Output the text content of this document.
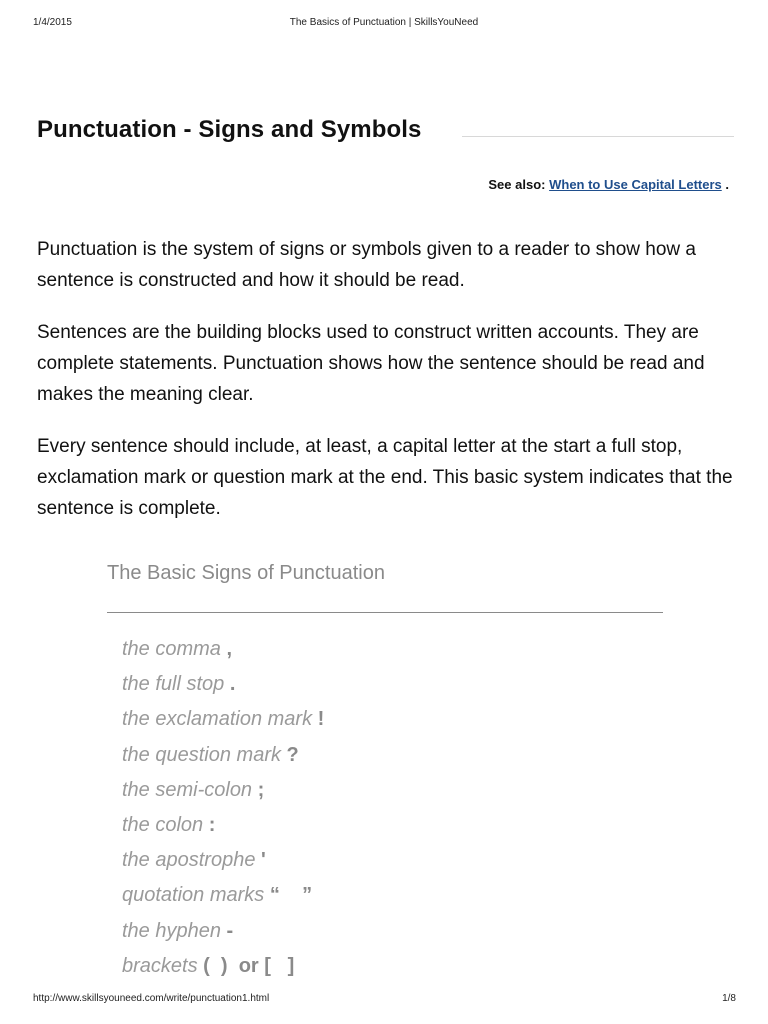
1/4/2015	The Basics of Punctuation | SkillsYouNeed
Punctuation - Signs and Symbols
See also: When to Use Capital Letters .

Punctuation is the system of signs or symbols given to a reader to show how a sentence is constructed and how it should be read.

Sentences are the building blocks used to construct written accounts. They are complete statements. Punctuation shows how the sentence should be read and makes the meaning clear.

Every sentence should include, at least, a capital letter at the start a full stop, exclamation mark or question mark at the end. This basic system indicates that the sentence is complete.

The Basic Signs of Punctuation
the comma ,
the full stop .
the exclamation mark !
the question mark ?
the semi-colon ;
the colon :
the apostrophe '
quotation marks “    ”
the hyphen -
brackets (  )  or [   ]
http://www.skillsyouneed.com/write/punctuation1.html	1/8
